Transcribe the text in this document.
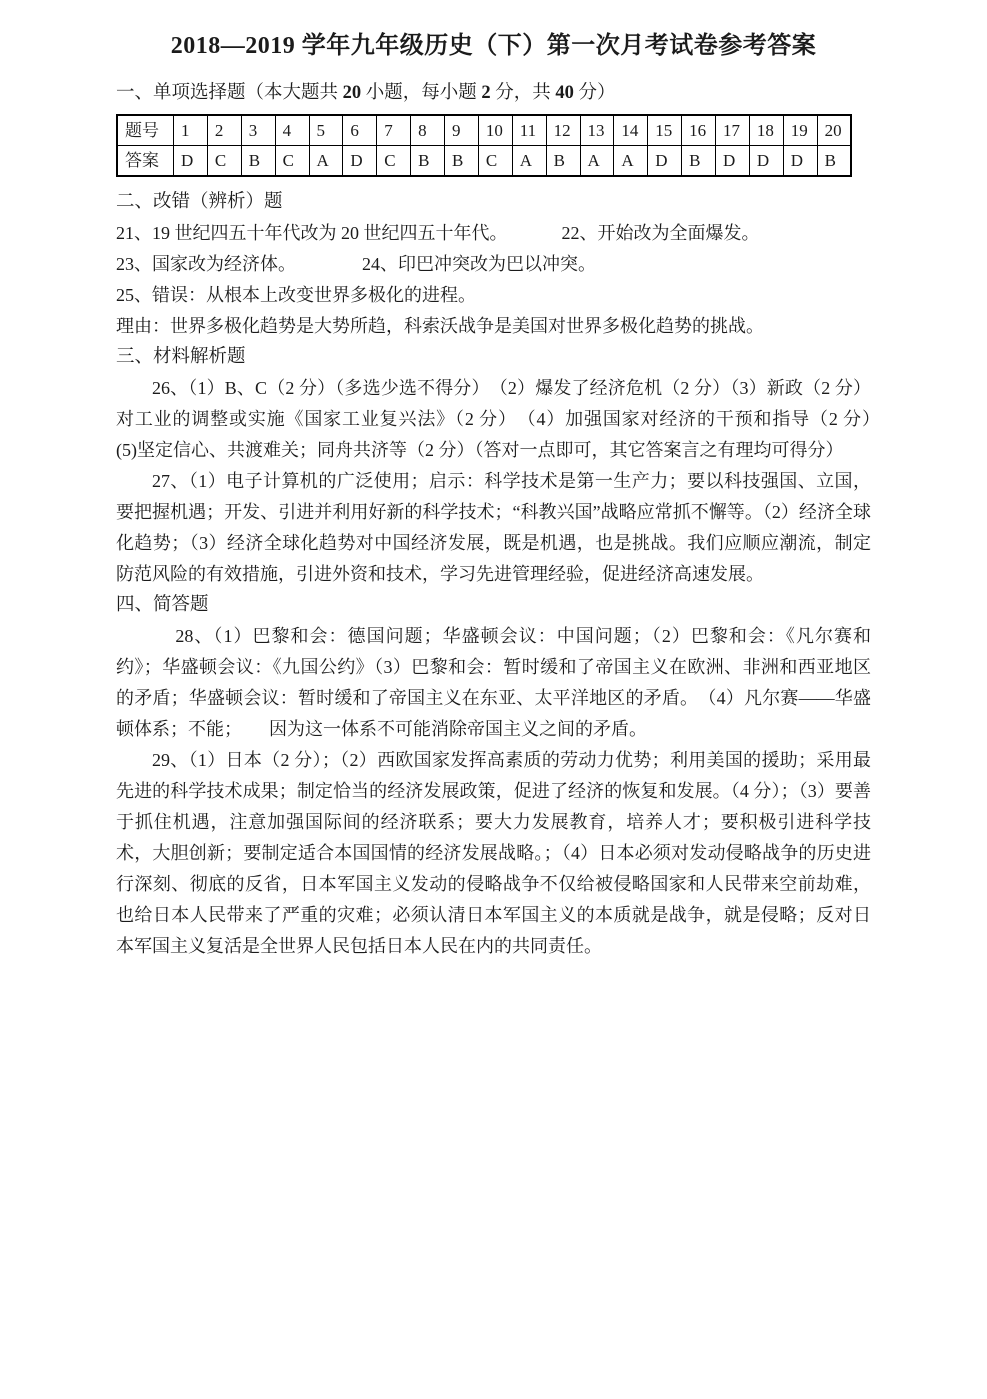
2018—2019 学年九年级历史（下）第一次月考试卷参考答案

一、单项选择题（本大题共 20 小题，每小题 2 分，共 40 分）

题号	1	2	3	4	5	6	7	8	9	10	11	12	13	14	15	16	17	18	19	20
答案	D	C	B	C	A	D	C	B	B	C	A	B	A	A	D	B	D	D	D	B

二、改错（辨析）题

21、19 世纪四五十年代改为 20 世纪四五十年代。	22、开始改为全面爆发。

23、国家改为经济体。	24、印巴冲突改为巴以冲突。

25、错误：从根本上改变世界多极化的进程。

理由：世界多极化趋势是大势所趋，科索沃战争是美国对世界多极化趋势的挑战。

三、材料解析题

26、（1）B、C（2 分）（多选少选不得分）　（2）爆发了经济危机（2 分）（3）新政（2 分）对工业的调整或实施《国家工业复兴法》（2 分）　（4）加强国家对经济的干预和指导（2 分）　(5)坚定信心、共渡难关；同舟共济等（2 分）（答对一点即可，其它答案言之有理均可得分）

27、（1）电子计算机的广泛使用；启示：科学技术是第一生产力；要以科技强国、立国，要把握机遇；开发、引进并利用好新的科学技术；“科教兴国”战略应常抓不懈等。（2）经济全球化趋势；（3）经济全球化趋势对中国经济发展，既是机遇，也是挑战。我们应顺应潮流，制定防范风险的有效措施，引进外资和技术，学习先进管理经验，促进经济高速发展。

四、简答题

28、（1）巴黎和会：德国问题；华盛顿会议：中国问题；（2）巴黎和会：《凡尔赛和约》；华盛顿会议：《九国公约》（3）巴黎和会：暂时缓和了帝国主义在欧洲、非洲和西亚地区的矛盾；华盛顿会议：暂时缓和了帝国主义在东亚、太平洋地区的矛盾。　（4）凡尔赛——华盛顿体系；不能；　　因为这一体系不可能消除帝国主义之间的矛盾。

29、（1）日本（2 分）；（2）西欧国家发挥高素质的劳动力优势；利用美国的援助；采用最先进的科学技术成果；制定恰当的经济发展政策，促进了经济的恢复和发展。（4 分）；（3）要善于抓住机遇，注意加强国际间的经济联系；要大力发展教育，培养人才；要积极引进科学技术，大胆创新；要制定适合本国国情的经济发展战略。；（4）日本必须对发动侵略战争的历史进行深刻、彻底的反省，日本军国主义发动的侵略战争不仅给被侵略国家和人民带来空前劫难，也给日本人民带来了严重的灾难；必须认清日本军国主义的本质就是战争，就是侵略；反对日本军国主义复活是全世界人民包括日本人民在内的共同责任。
